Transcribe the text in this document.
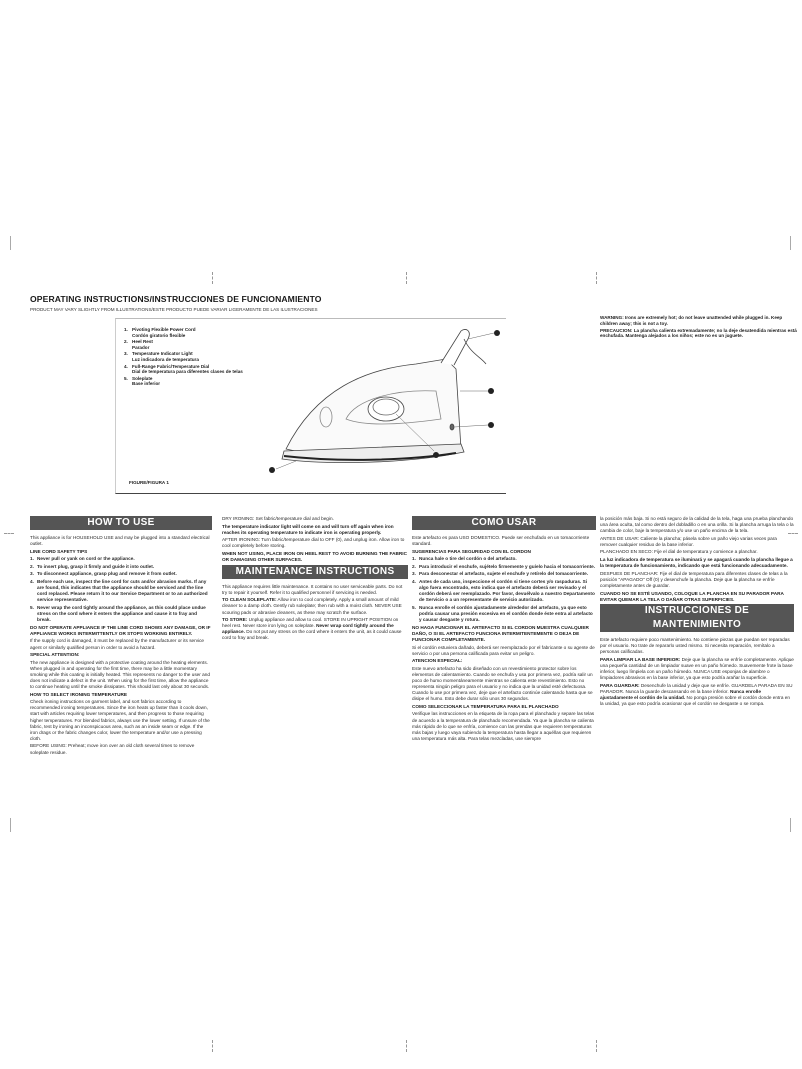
OPERATING INSTRUCTIONS/INSTRUCCIONES DE FUNCIONAMIENTO
PRODUCT MAY VARY SLIGHTLY FROM ILLUSTRATIONS/ESTE PRODUCTO PUEDE VARIAR LIGERAMENTE DE LAS ILUSTRACIONES
1. Pivoting Flexible Power Cord
Cordón giratorio flexible
2. Heel Rest
Parador
3. Temperature Indicator Light
Luz indicadora de temperatura
4. Full-Range Fabric/Temperature Dial
Dial de temperatura para diferentes clases de telas
5. Soleplate
Base inferior
FIGURE/FIGURA 1

WARNING: Irons are extremely hot; do not leave unattended while plugged in. Keep children away; this is not a toy.

PRECAUCION: La plancha calienta extremadamente; no la deje desatendida mientras está enchufada. Mantenga alejados a los niños; este no es un juguete.

HOW TO USE

This appliance is for HOUSEHOLD USE and may be plugged into a standard electrical outlet.

LINE CORD SAFETY TIPS

1. Never pull or yank on cord or the appliance.
2. To insert plug, grasp it firmly and guide it into outlet.
3. To disconnect appliance, grasp plug and remove it from outlet.
4. Before each use, inspect the line cord for cuts and/or abrasion marks. If any are found, this indicates that the appliance should be serviced and the line cord replaced. Please return it to our Service Department or to an authorized service representative.
5. Never wrap the cord tightly around the appliance, as this could place undue stress on the cord where it enters the appliance and cause it to fray and break.

DO NOT OPERATE APPLIANCE IF THE LINE CORD SHOWS ANY DAMAGE, OR IF APPLIANCE WORKS INTERMITTENTLY OR STOPS WORKING ENTIRELY.

If the supply cord is damaged, it must be replaced by the manufacturer or its service agent or similarly qualified person in order to avoid a hazard.

SPECIAL ATTENTION:

The new appliance is designed with a protective coating around the heating elements. When plugged in and operating for the first time, there may be a little momentary smoking while this coating is initially heated. This represents no danger to the user and does not indicate a defect in the unit. When using for the first time, allow the appliance to continue heating until the smoke dissipates. This should last only about 30 seconds.

HOW TO SELECT IRONING TEMPERATURE

Check ironing instructions on garment label, and sort fabrics according to recommended ironing temperatures. Since the iron heats up faster than it cools down, start with articles requiring lower temperatures, and then progress to those requiring higher temperatures. For blended fabrics, always use the lower setting. If unsure of the fabric, test by ironing an inconspicuous area, such as an inside seam or edge. If the iron drags or the fabric changes color, lower the temperature and/or use a pressing cloth.

BEFORE USING: Preheat; move iron over an old cloth several times to remove soleplate residue.

DRY IRONING: Set fabric/temperature dial and begin.

The temperature indicator light will come on and will turn off again when iron reaches its operating temperature to indicate iron is operating properly.

AFTER IRONING: Turn fabric/temperature dial to OFF (0), and unplug iron. Allow iron to cool completely before storing.

WHEN NOT USING, PLACE IRON ON HEEL REST TO AVOID BURNING THE FABRIC OR DAMAGING OTHER SURFACES.

MAINTENANCE INSTRUCTIONS

This appliance requires little maintenance. It contains no user serviceable parts. Do not try to repair it yourself. Refer it to qualified personnel if servicing is needed.

TO CLEAN SOLEPLATE: Allow iron to cool completely. Apply a small amount of mild cleaner to a damp cloth. Gently rub soleplate; then rub with a moist cloth. NEVER USE scouring pads or abrasive cleaners, as these may scratch the surface.

TO STORE: Unplug appliance and allow to cool. STORE IN UPRIGHT POSITION on heel rest. Never store iron lying on soleplate. Never wrap cord tightly around the appliance. Do not put any stress on the cord where it enters the unit, as it could cause cord to fray and break.

COMO USAR

Este artefacto es para USO DOMESTICO. Puede ser enchufado en un tomacorriente standard.

SUGERENCIAS PARA SEGURIDAD CON EL CORDON

1. Nunca hale o tire del cordón o del artefacto.
2. Para introducir el enchufe, sujételo firmemente y guíelo hacia el tomacorriente.
3. Para desconectar el artefacto, sujete el enchufe y retírelo del tomacorriente.
4. Antes de cada uso, inspeccione el cordón si tiene cortes y/o raspaduras. Si algo fuera encontrado, esto indica que el artefacto deberá ser revisado y el cordón deberá ser reemplazado. Por favor, devuélvalo a nuestro Departamento de Servicio o a un representante de servicio autorizado.
5. Nunca enrolle el cordón ajustadamente alrededor del artefacto, ya que esto podría causar una presión excesiva en el cordón donde éste entra al artefacto y causar desgaste y rotura.

NO HAGA FUNCIONAR EL ARTEFACTO SI EL CORDON MUESTRA CUALQUIER DAÑO, O SI EL ARTEFACTO FUNCIONA INTERMITENTEMENTE O DEJA DE FUNCIONAR COMPLETAMENTE.

Si el cordón estuviera dañado, deberá ser reemplazado por el fabricante o su agente de servicio o por una persona calificada para evitar un peligro.

ATENCION ESPECIAL:

Este nuevo artefacto ha sido diseñado con un revestimiento protector sobre los elementos de calentamiento. Cuando se enchufa y usa por primera vez, podría salir un poco de humo momentáneamente mientras se calienta este revestimiento. Esto no representa ningún peligro para el usuario y no indica que la unidad esté defectuosa. Cuando lo use por primera vez, deje que el artefacto continúe calentando hasta que se disipe el humo. Esto debe durar sólo unos 30 segundos.

COMO SELECCIONAR LA TEMPERATURA PARA EL PLANCHADO

Verifique las instrucciones en la etiqueta de la ropa para el planchado y separe las telas de acuerdo a la temperatura de planchado recomendada. Ya que la plancha se calienta más rápido de lo que se enfría, comience con las prendas que requieren temperaturas más bajas y luego vaya subiendo la temperatura hasta llegar a aquéllas que requieren una temperatura más alta. Para telas mezcladas, use siempre

la posición más baja. Si no está seguro de la calidad de la tela, haga una prueba planchando una área oculta, tal como dentro del dobladillo o en una orilla. Si la plancha arruga la tela o la cambia de color, baje la temperatura y/o use un paño encima de la tela.

ANTES DE USAR: Caliente la plancha; pásela sobre un paño viejo varias veces para remover cualquier residuo de la base inferior.

PLANCHADO EN SECO: Fije el dial de temperatura y comience a planchar.

La luz indicadora de temperatura se iluminará y se apagará cuando la plancha llegue a la temperatura de funcionamiento, indicando que está funcionando adecuadamente.

DESPUES DE PLANCHAR: Fije el dial de temperatura para diferentes clases de telas a la posición "APAGADO" Off (0) y desenchufe la plancha. Deje que la plancha se enfríe completamente antes de guardar.

CUANDO NO SE ESTÉ USANDO, COLOQUE LA PLANCHA EN SU PARADOR PARA EVITAR QUEMAR LA TELA O DAÑAR OTRAS SUPERFICIES.

INSTRUCCIONES DE MANTENIMIENTO

Este artefacto requiere poco mantenimiento. No contiene piezas que puedan ser reparadas por el usuario. No trate de repararlo usted mismo. Si necesita reparación, remítalo a personas calificadas.

PARA LIMPIAR LA BASE INFERIOR: Deje que la plancha se enfríe completamente. Aplique una pequeña cantidad de un limpiador suave en un paño húmedo. Suavemente frote la base inferior, luego límpiela con un paño húmedo. NUNCA USE esponjas de alambre o limpiadores abrasivos en la base inferior, ya que esto podría arañar la superficie.

PARA GUARDAR: Desenchufe la unidad y deje que se enfríe. GUARDELA PARADA EN SU PARADOR. Nunca la guarde descansando en la base inferior. Nunca enrolle ajustadamente el cordón de la unidad. No ponga presión sobre el cordón donde entra en la unidad, ya que esto podría ocasionar que el cordón se desgaste o se rompa.
